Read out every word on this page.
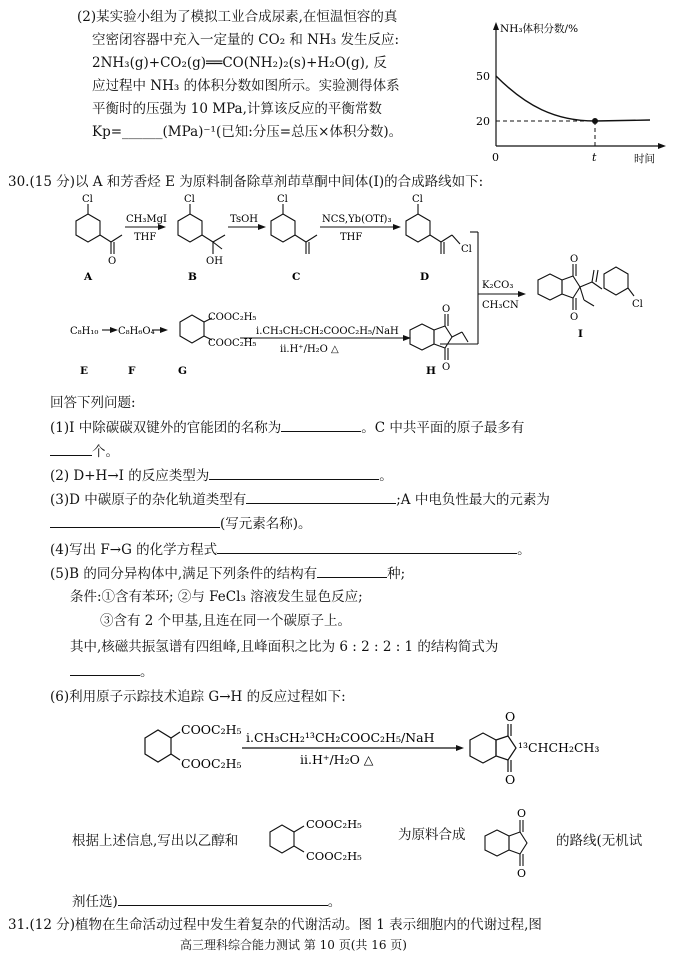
(2)某实验小组为了模拟工业合成尿素,在恒温恒容的真
空密闭容器中充入一定量的 CO₂ 和 NH₃ 发生反应:
2NH₃(g)+CO₂(g)══CO(NH₂)₂(s)+H₂O(g), 反
应过程中 NH₃ 的体积分数如图所示。实验测得体系
平衡时的压强为 10 MPa,计算该反应的平衡常数
Kp=______(MPa)⁻¹(已知:分压=总压×体积分数)。
NH₃体积分数/%
时间
50
20
0	t
30.(15 分)以 A 和芳香烃 E 为原料制备除草剂茚草酮中间体(Ⅰ)的合成路线如下:
Cl
O
Cl
OH
Cl	Cl
Cl
Cl
O
O
O
O
CH₃MgI
THF
TsOH	NCS,Yb(OTf)₃
THF
K₂CO₃
CH₃CN
C₈H₁₀ C₈H₆O₄
COOC₂H₅
COOC₂H₅
i.CH₃CH₂CH₂COOC₂H₅/NaH
ii.H⁺/H₂O △
A	B	C	D
I
E	F	G	H
回答下列问题:
(1)I 中除碳碳双键外的官能团的名称为	。C 中共平面的原子最多有
个。
(2) D+H→I 的反应类型为	。
(3)D 中碳原子的杂化轨道类型有	;A 中电负性最大的元素为
(写元素名称)。
(4)写出 F→G 的化学方程式	。
(5)B 的同分异构体中,满足下列条件的结构有	种;
条件:①含有苯环; ②与 FeCl₃ 溶液发生显色反应;
③含有 2 个甲基,且连在同一个碳原子上。
其中,核磁共振氢谱有四组峰,且峰面积之比为 6 : 2 : 2 : 1 的结构简式为
。
(6)利用原子示踪技术追踪 G→H 的反应过程如下:
COOC₂H₅
COOC₂H₅
i.CH₃CH₂¹³CH₂COOC₂H₅/NaH
ii.H⁺/H₂O △
O
O
¹³CHCH₂CH₃
根据上述信息,写出以乙醇和
COOC₂H₅
COOC₂H₅
为原料合成
O
O
的路线(无机试
剂任选)	。
31.(12 分)植物在生命活动过程中发生着复杂的代谢活动。图 1 表示细胞内的代谢过程,图
高三理科综合能力测试 第 10 页(共 16 页)
